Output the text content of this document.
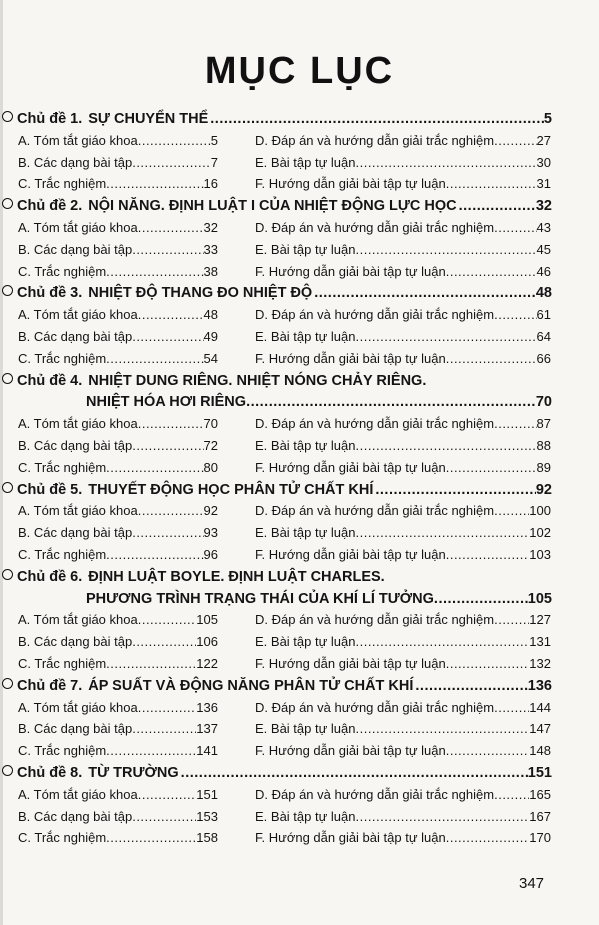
MỤC LỤC
Chủ đề 1. SỰ CHUYỂN THỂ .....	5
A. Tóm tắt giáo khoa .....	5	D. Đáp án và hướng dẫn giải trắc nghiệm .....	27
B. Các dạng bài tập .....	7	E. Bài tập tự luận .....	30
C. Trắc nghiệm .....	16	F. Hướng dẫn giải bài tập tự luận .....	31
Chủ đề 2. NỘI NĂNG. ĐỊNH LUẬT I CỦA NHIỆT ĐỘNG LỰC HỌC .....	32
A. Tóm tắt giáo khoa .....	32	D. Đáp án và hướng dẫn giải trắc nghiệm .....	43
B. Các dạng bài tập .....	33	E. Bài tập tự luận .....	45
C. Trắc nghiệm .....	38	F. Hướng dẫn giải bài tập tự luận .....	46
Chủ đề 3. NHIỆT ĐỘ THANG ĐO NHIỆT ĐỘ .....	48
A. Tóm tắt giáo khoa .....	48	D. Đáp án và hướng dẫn giải trắc nghiệm .....	61
B. Các dạng bài tập .....	49	E. Bài tập tự luận .....	64
C. Trắc nghiệm .....	54	F. Hướng dẫn giải bài tập tự luận .....	66
Chủ đề 4. NHIỆT DUNG RIÊNG. NHIỆT NÓNG CHẢY RIÊNG.
NHIỆT HÓA HƠI RIÊNG .....	70
A. Tóm tắt giáo khoa .....	70	D. Đáp án và hướng dẫn giải trắc nghiệm .....	87
B. Các dạng bài tập .....	72	E. Bài tập tự luận .....	88
C. Trắc nghiệm .....	80	F. Hướng dẫn giải bài tập tự luận .....	89
Chủ đề 5. THUYẾT ĐỘNG HỌC PHÂN TỬ CHẤT KHÍ .....	92
A. Tóm tắt giáo khoa .....	92	D. Đáp án và hướng dẫn giải trắc nghiệm .....	100
B. Các dạng bài tập .....	93	E. Bài tập tự luận .....	102
C. Trắc nghiệm .....	96	F. Hướng dẫn giải bài tập tự luận .....	103
Chủ đề 6. ĐỊNH LUẬT BOYLE. ĐỊNH LUẬT CHARLES.
PHƯƠNG TRÌNH TRẠNG THÁI CỦA KHÍ LÍ TƯỞNG .....	105
A. Tóm tắt giáo khoa .....	105	D. Đáp án và hướng dẫn giải trắc nghiệm .....	127
B. Các dạng bài tập .....	106	E. Bài tập tự luận .....	131
C. Trắc nghiệm .....	122	F. Hướng dẫn giải bài tập tự luận .....	132
Chủ đề 7. ÁP SUẤT VÀ ĐỘNG NĂNG PHÂN TỬ CHẤT KHÍ .....	136
A. Tóm tắt giáo khoa .....	136	D. Đáp án và hướng dẫn giải trắc nghiệm .....	144
B. Các dạng bài tập .....	137	E. Bài tập tự luận .....	147
C. Trắc nghiệm .....	141	F. Hướng dẫn giải bài tập tự luận .....	148
Chủ đề 8. TỪ TRƯỜNG .....	151
A. Tóm tắt giáo khoa .....	151	D. Đáp án và hướng dẫn giải trắc nghiệm .....	165
B. Các dạng bài tập .....	153	E. Bài tập tự luận .....	167
C. Trắc nghiệm .....	158	F. Hướng dẫn giải bài tập tự luận .....	170
347
